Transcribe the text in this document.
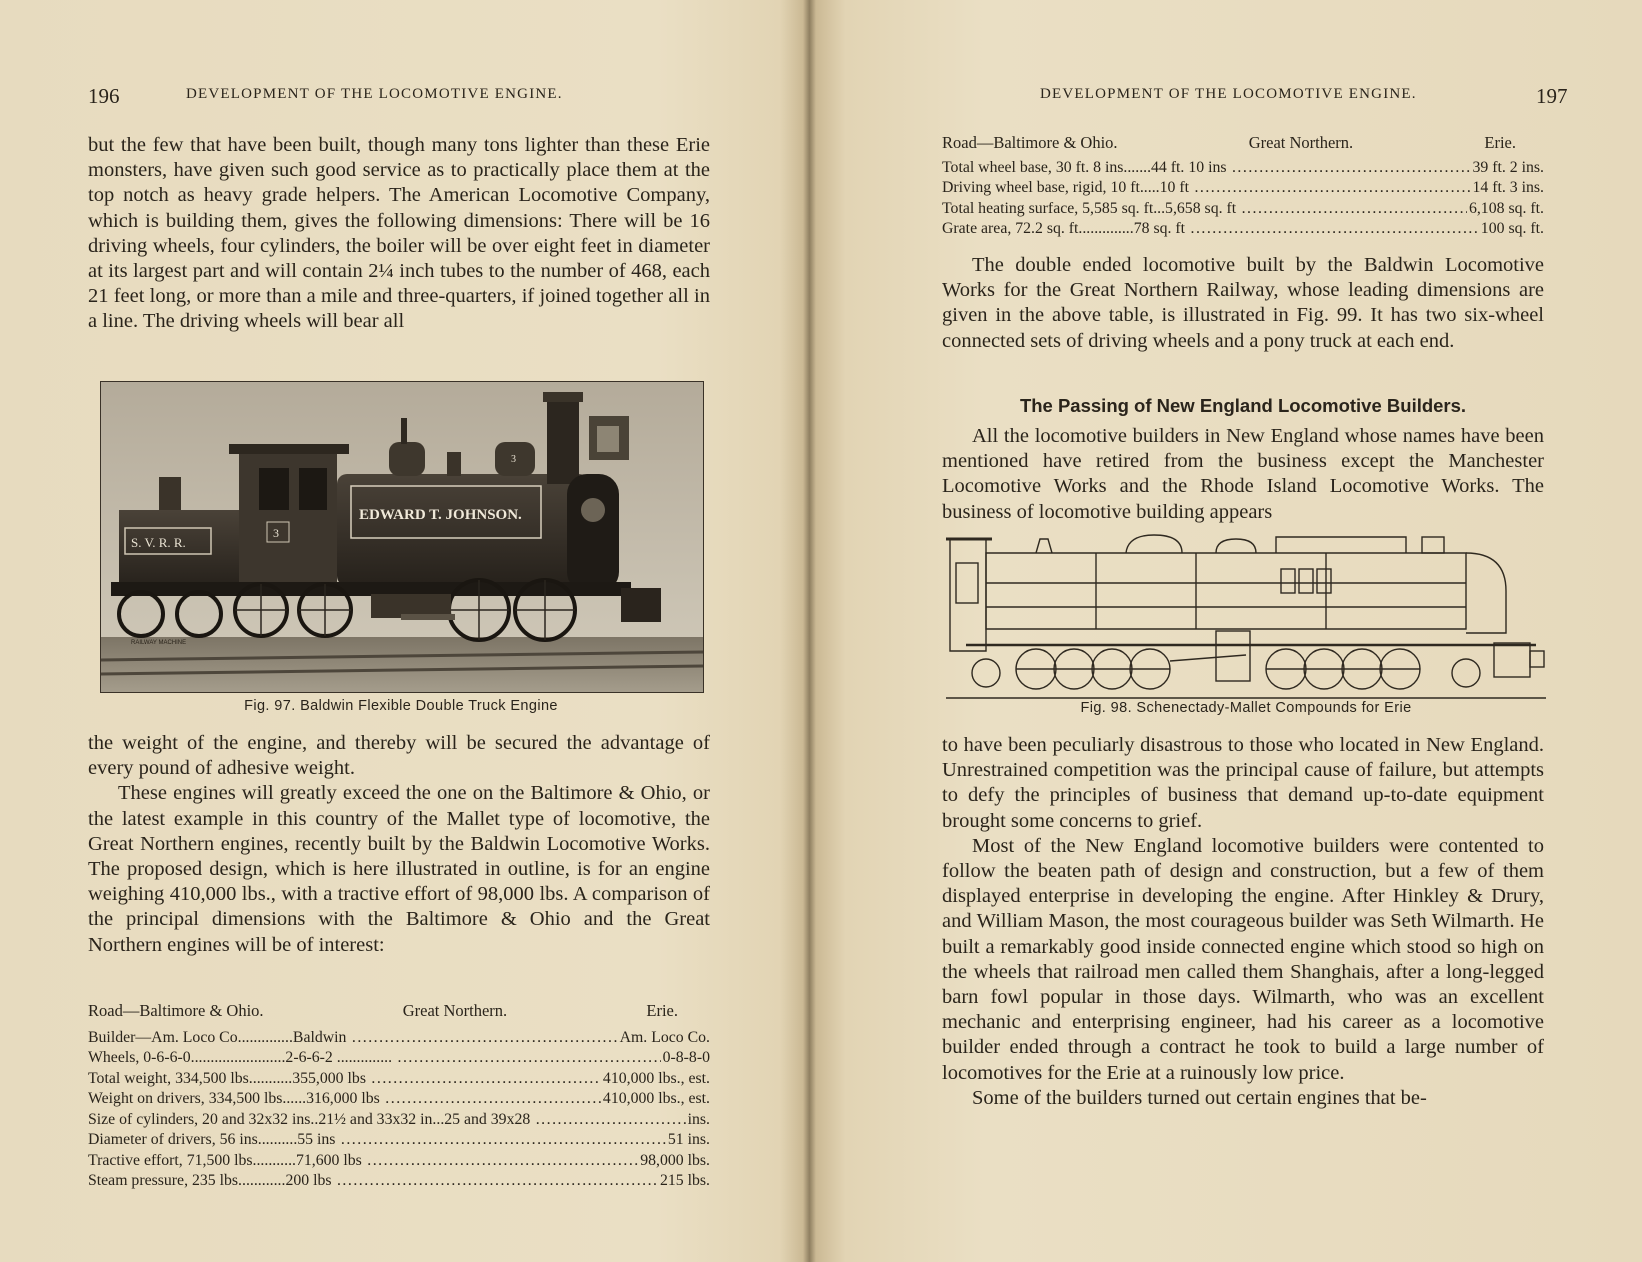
196	DEVELOPMENT OF THE LOCOMOTIVE ENGINE.

but the few that have been built, though many tons lighter than these Erie monsters, have given such good service as to practically place them at the top notch as heavy grade helpers. The American Locomotive Company, which is building them, gives the following dimensions: There will be 16 driving wheels, four cylinders, the boiler will be over eight feet in diameter at its largest part and will contain 2¼ inch tubes to the number of 468, each 21 feet long, or more than a mile and three-quarters, if joined together all in a line. The driving wheels will bear all

S. V. R. R.
3
EDWARD T. JOHNSON.
3
RAILWAY MACHINE
Fig. 97. Baldwin Flexible Double Truck Engine

the weight of the engine, and thereby will be secured the advantage of every pound of adhesive weight.

These engines will greatly exceed the one on the Baltimore & Ohio, or the latest example in this country of the Mallet type of locomotive, the Great Northern engines, recently built by the Baldwin Locomotive Works. The proposed design, which is here illustrated in outline, is for an engine weighing 410,000 lbs., with a tractive effort of 98,000 lbs. A comparison of the principal dimensions with the Baltimore & Ohio and the Great Northern engines will be of interest:

Road—Baltimore & Ohio.	Great Northern.	Erie.
Builder—Am. Loco Co..............Baldwin .....	Am. Loco Co.
Wheels, 0-6-6-0........................2-6-6-2 .............. .....	0-8-8-0
Total weight, 334,500 lbs...........355,000 lbs .....	410,000 lbs., est.
Weight on drivers, 334,500 lbs......316,000 lbs .....	410,000 lbs., est.
Size of cylinders, 20 and 32x32 ins..21½ and 33x32 in...25 and 39x28 .....	ins.
Diameter of drivers, 56 ins..........55 ins .....	51 ins.
Tractive effort, 71,500 lbs...........71,600 lbs .....	98,000 lbs.
Steam pressure, 235 lbs............200 lbs .....	215 lbs.
DEVELOPMENT OF THE LOCOMOTIVE ENGINE.	197
Road—Baltimore & Ohio.	Great Northern.	Erie.
Total wheel base, 30 ft. 8 ins.......44 ft. 10 ins .....	39 ft. 2 ins.
Driving wheel base, rigid, 10 ft.....10 ft .....	14 ft. 3 ins.
Total heating surface, 5,585 sq. ft...5,658 sq. ft .....	6,108 sq. ft.
Grate area, 72.2 sq. ft..............78 sq. ft .....	100 sq. ft.

The double ended locomotive built by the Baldwin Locomotive Works for the Great Northern Railway, whose leading dimensions are given in the above table, is illustrated in Fig. 99. It has two six-wheel connected sets of driving wheels and a pony truck at each end.

The Passing of New England Locomotive Builders.

All the locomotive builders in New England whose names have been mentioned have retired from the business except the Manchester Locomotive Works and the Rhode Island Locomotive Works. The business of locomotive building appears

Fig. 98. Schenectady-Mallet Compounds for Erie

to have been peculiarly disastrous to those who located in New England. Unrestrained competition was the principal cause of failure, but attempts to defy the principles of business that demand up-to-date equipment brought some concerns to grief.

Most of the New England locomotive builders were contented to follow the beaten path of design and construction, but a few of them displayed enterprise in developing the engine. After Hinkley & Drury, and William Mason, the most courageous builder was Seth Wilmarth. He built a remarkably good inside connected engine which stood so high on the wheels that railroad men called them Shanghais, after a long-legged barn fowl popular in those days. Wilmarth, who was an excellent mechanic and enterprising engineer, had his career as a locomotive builder ended through a contract he took to build a large number of locomotives for the Erie at a ruinously low price.

Some of the builders turned out certain engines that be-
